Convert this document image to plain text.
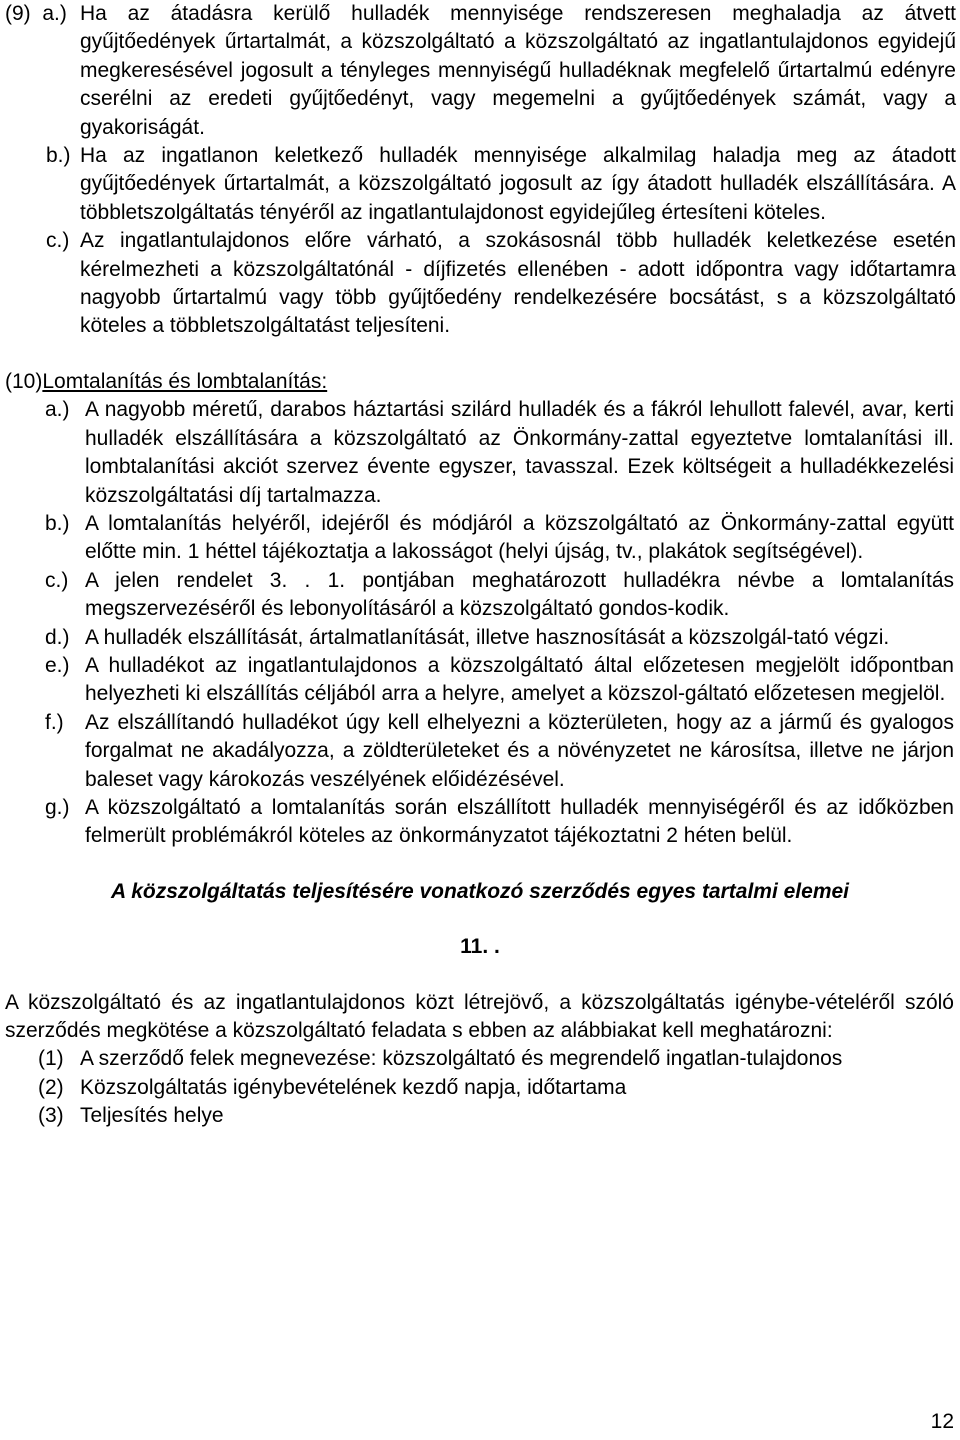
(9) a.) Ha az átadásra kerülő hulladék mennyisége rendszeresen meghaladja az átvett gyűjtőedények űrtartalmát, a közszolgáltató a közszolgáltató az ingatlantulajdonos egyidejű megkeresésével jogosult a tényleges mennyiségű hulladéknak megfelelő űrtartalmú edényre cserélni az eredeti gyűjtőedényt, vagy megemelni a gyűjtőedények számát, vagy a gyakoriságát.
b.) Ha az ingatlanon keletkező hulladék mennyisége alkalmilag haladja meg az átadott gyűjtőedények űrtartalmát, a közszolgáltató jogosult az így átadott hulladék elszállítására. A többletszolgáltatás tényéről az ingatlantulajdonost egyidejűleg értesíteni köteles.
c.) Az ingatlantulajdonos előre várható, a szokásosnál több hulladék keletkezése esetén kérelmezheti a közszolgáltatónál - díjfizetés ellenében - adott időpontra vagy időtartamra nagyobb űrtartalmú vagy több gyűjtőedény rendelkezésére bocsátást, s a közszolgáltató köteles a többletszolgáltatást teljesíteni.
(10)Lomtalanítás és lombtalanítás:
a.) A nagyobb méretű, darabos háztartási szilárd hulladék és a fákról lehullott falevél, avar, kerti hulladék elszállítására a közszolgáltató az Önkormány-zattal egyeztetve lomtalanítási ill. lombtalanítási akciót szervez évente egyszer, tavasszal. Ezek költségeit a hulladékkezelési közszolgáltatási díj tartalmazza.
b.) A lomtalanítás helyéről, idejéről és módjáról a közszolgáltató az Önkormány-zattal együtt előtte min. 1 héttel tájékoztatja a lakosságot (helyi újság, tv., plakátok segítségével).
c.) A jelen rendelet 3. . 1. pontjában meghatározott hulladékra névbe a lomtalanítás megszervezéséről és lebonyolításáról a közszolgáltató gondos-kodik.
d.) A hulladék elszállítását, ártalmatlanítását, illetve hasznosítását a közszolgál-tató végzi.
e.) A hulladékot az ingatlantulajdonos a közszolgáltató által előzetesen megjelölt időpontban helyezheti ki elszállítás céljából arra a helyre, amelyet a közszol-gáltató előzetesen megjelöl.
f.) Az elszállítandó hulladékot úgy kell elhelyezni a közterületen, hogy az a jármű és gyalogos forgalmat ne akadályozza, a zöldterületeket és a növényzetet ne károsítsa, illetve ne járjon baleset vagy károkozás veszélyének előidézésével.
g.) A közszolgáltató a lomtalanítás során elszállított hulladék mennyiségéről és az időközben felmerült problémákról köteles az önkormányzatot tájékoztatni 2 héten belül.
A közszolgáltatás teljesítésére vonatkozó szerződés egyes tartalmi elemei
11. .
A közszolgáltató és az ingatlantulajdonos közt létrejövő, a közszolgáltatás igénybe-vételéről szóló szerződés megkötése a közszolgáltató feladata s ebben az alábbiakat kell meghatározni:
(1) A szerződő felek megnevezése: közszolgáltató és megrendelő ingatlan-tulajdonos
(2) Közszolgáltatás igénybevételének kezdő napja, időtartama
(3) Teljesítés helye
12
